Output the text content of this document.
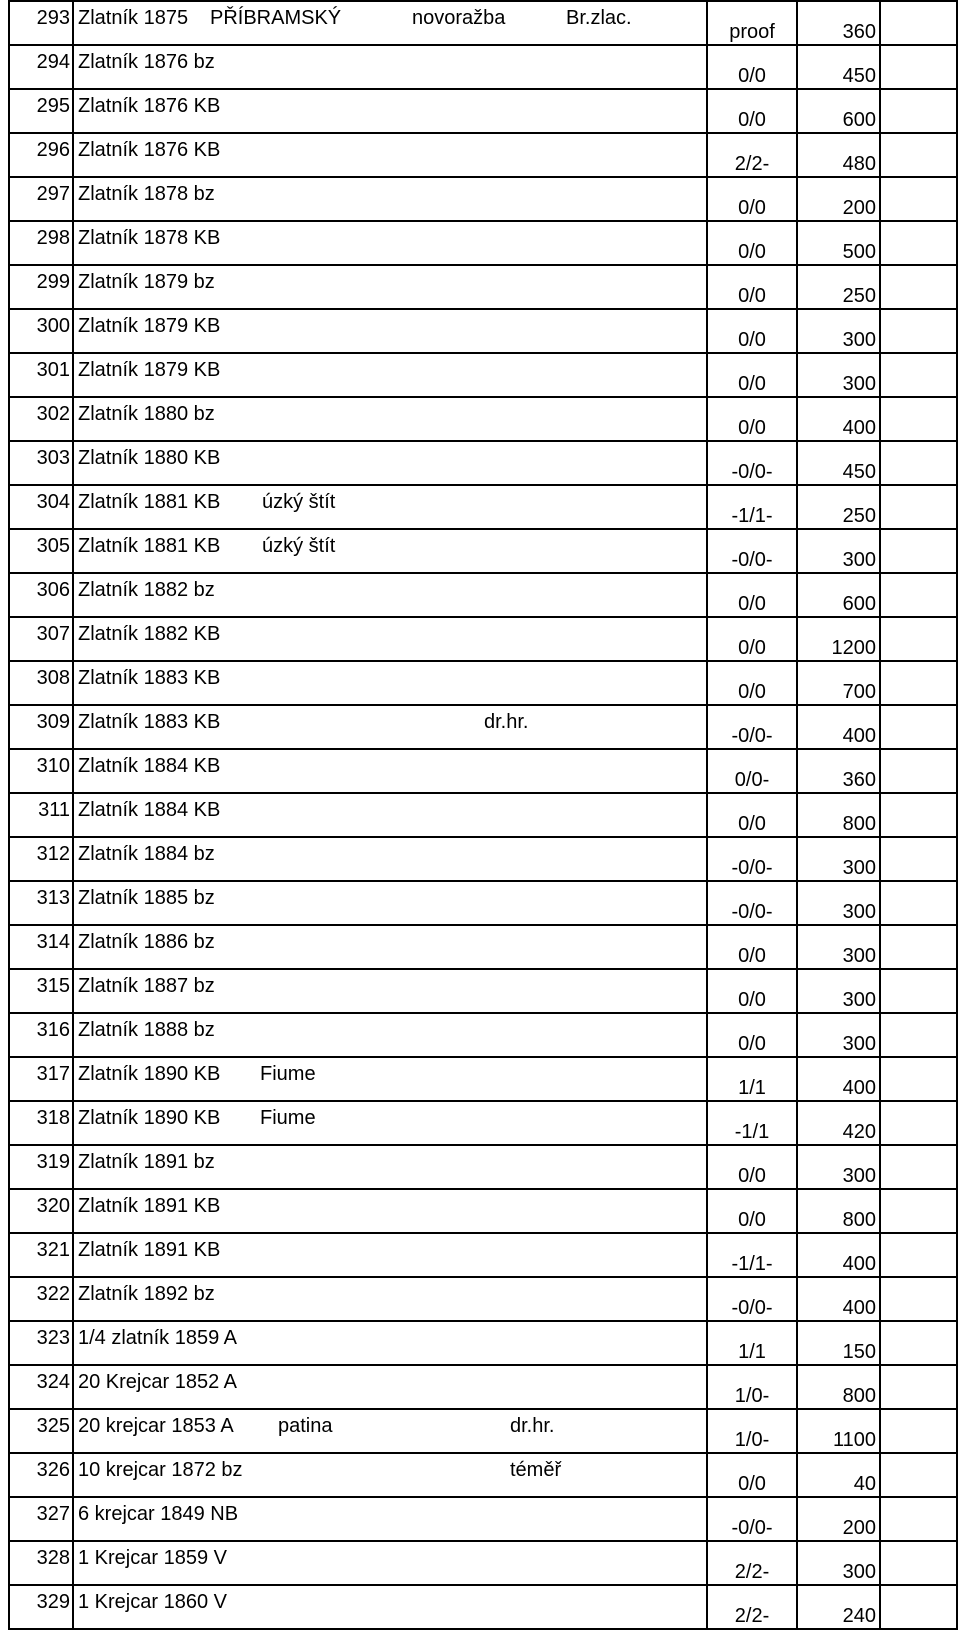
293	Zlatník 1875 PŘÍBRAMSKÝ novoražba Br.zlac.	proof	360	
294	Zlatník 1876 bz	0/0	450	
295	Zlatník 1876 KB	0/0	600	
296	Zlatník 1876 KB	2/2-	480	
297	Zlatník 1878 bz	0/0	200	
298	Zlatník 1878 KB	0/0	500	
299	Zlatník 1879 bz	0/0	250	
300	Zlatník 1879 KB	0/0	300	
301	Zlatník 1879 KB	0/0	300	
302	Zlatník 1880 bz	0/0	400	
303	Zlatník 1880 KB	-0/0-	450	
304	Zlatník 1881 KB úzký štít	-1/1-	250	
305	Zlatník 1881 KB úzký štít	-0/0-	300	
306	Zlatník 1882 bz	0/0	600	
307	Zlatník 1882 KB	0/0	1200	
308	Zlatník 1883 KB	0/0	700	
309	Zlatník 1883 KB dr.hr.	-0/0-	400	
310	Zlatník 1884 KB	0/0-	360	
311	Zlatník 1884 KB	0/0	800	
312	Zlatník 1884 bz	-0/0-	300	
313	Zlatník 1885 bz	-0/0-	300	
314	Zlatník 1886 bz	0/0	300	
315	Zlatník 1887 bz	0/0	300	
316	Zlatník 1888 bz	0/0	300	
317	Zlatník 1890 KB Fiume	1/1	400	
318	Zlatník 1890 KB Fiume	-1/1	420	
319	Zlatník 1891 bz	0/0	300	
320	Zlatník 1891 KB	0/0	800	
321	Zlatník 1891 KB	-1/1-	400	
322	Zlatník 1892 bz	-0/0-	400	
323	1/4 zlatník 1859 A	1/1	150	
324	20 Krejcar 1852 A	1/0-	800	
325	20 krejcar 1853 A patina dr.hr.	1/0-	1100	
326	10 krejcar 1872 bz téměř	0/0	40	
327	6 krejcar 1849 NB	-0/0-	200	
328	1 Krejcar 1859 V	2/2-	300	
329	1 Krejcar 1860 V	2/2-	240	
